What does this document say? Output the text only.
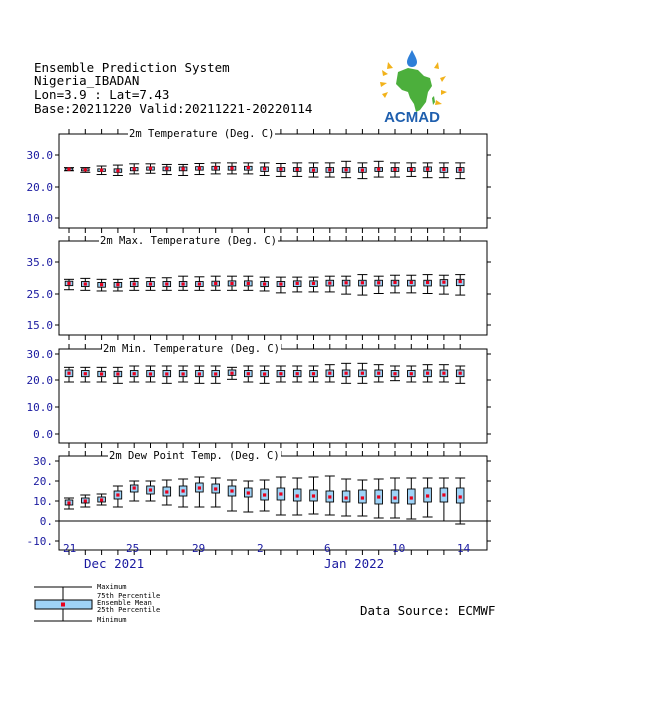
Ensemble Prediction System
Nigeria_IBADAN
Lon=3.9 : Lat=7.43
Base:20211220 Valid:20211221-20220114
ACMAD
30.0
20.0
10.0
35.0
25.0
15.0
30.0
20.0
10.0
0.0
30.
20.
10.
0.
-10.
2m Temperature (Deg. C)
2m Max. Temperature (Deg. C)
2m Min. Temperature (Deg. C)
2m Dew Point Temp. (Deg. C)
21	25	29	2	6	10	14
Dec 2021	Jan 2022
Maximum
75th Percentile
Ensemble Mean
25th Percentile
Minimum
Data Source: ECMWF
